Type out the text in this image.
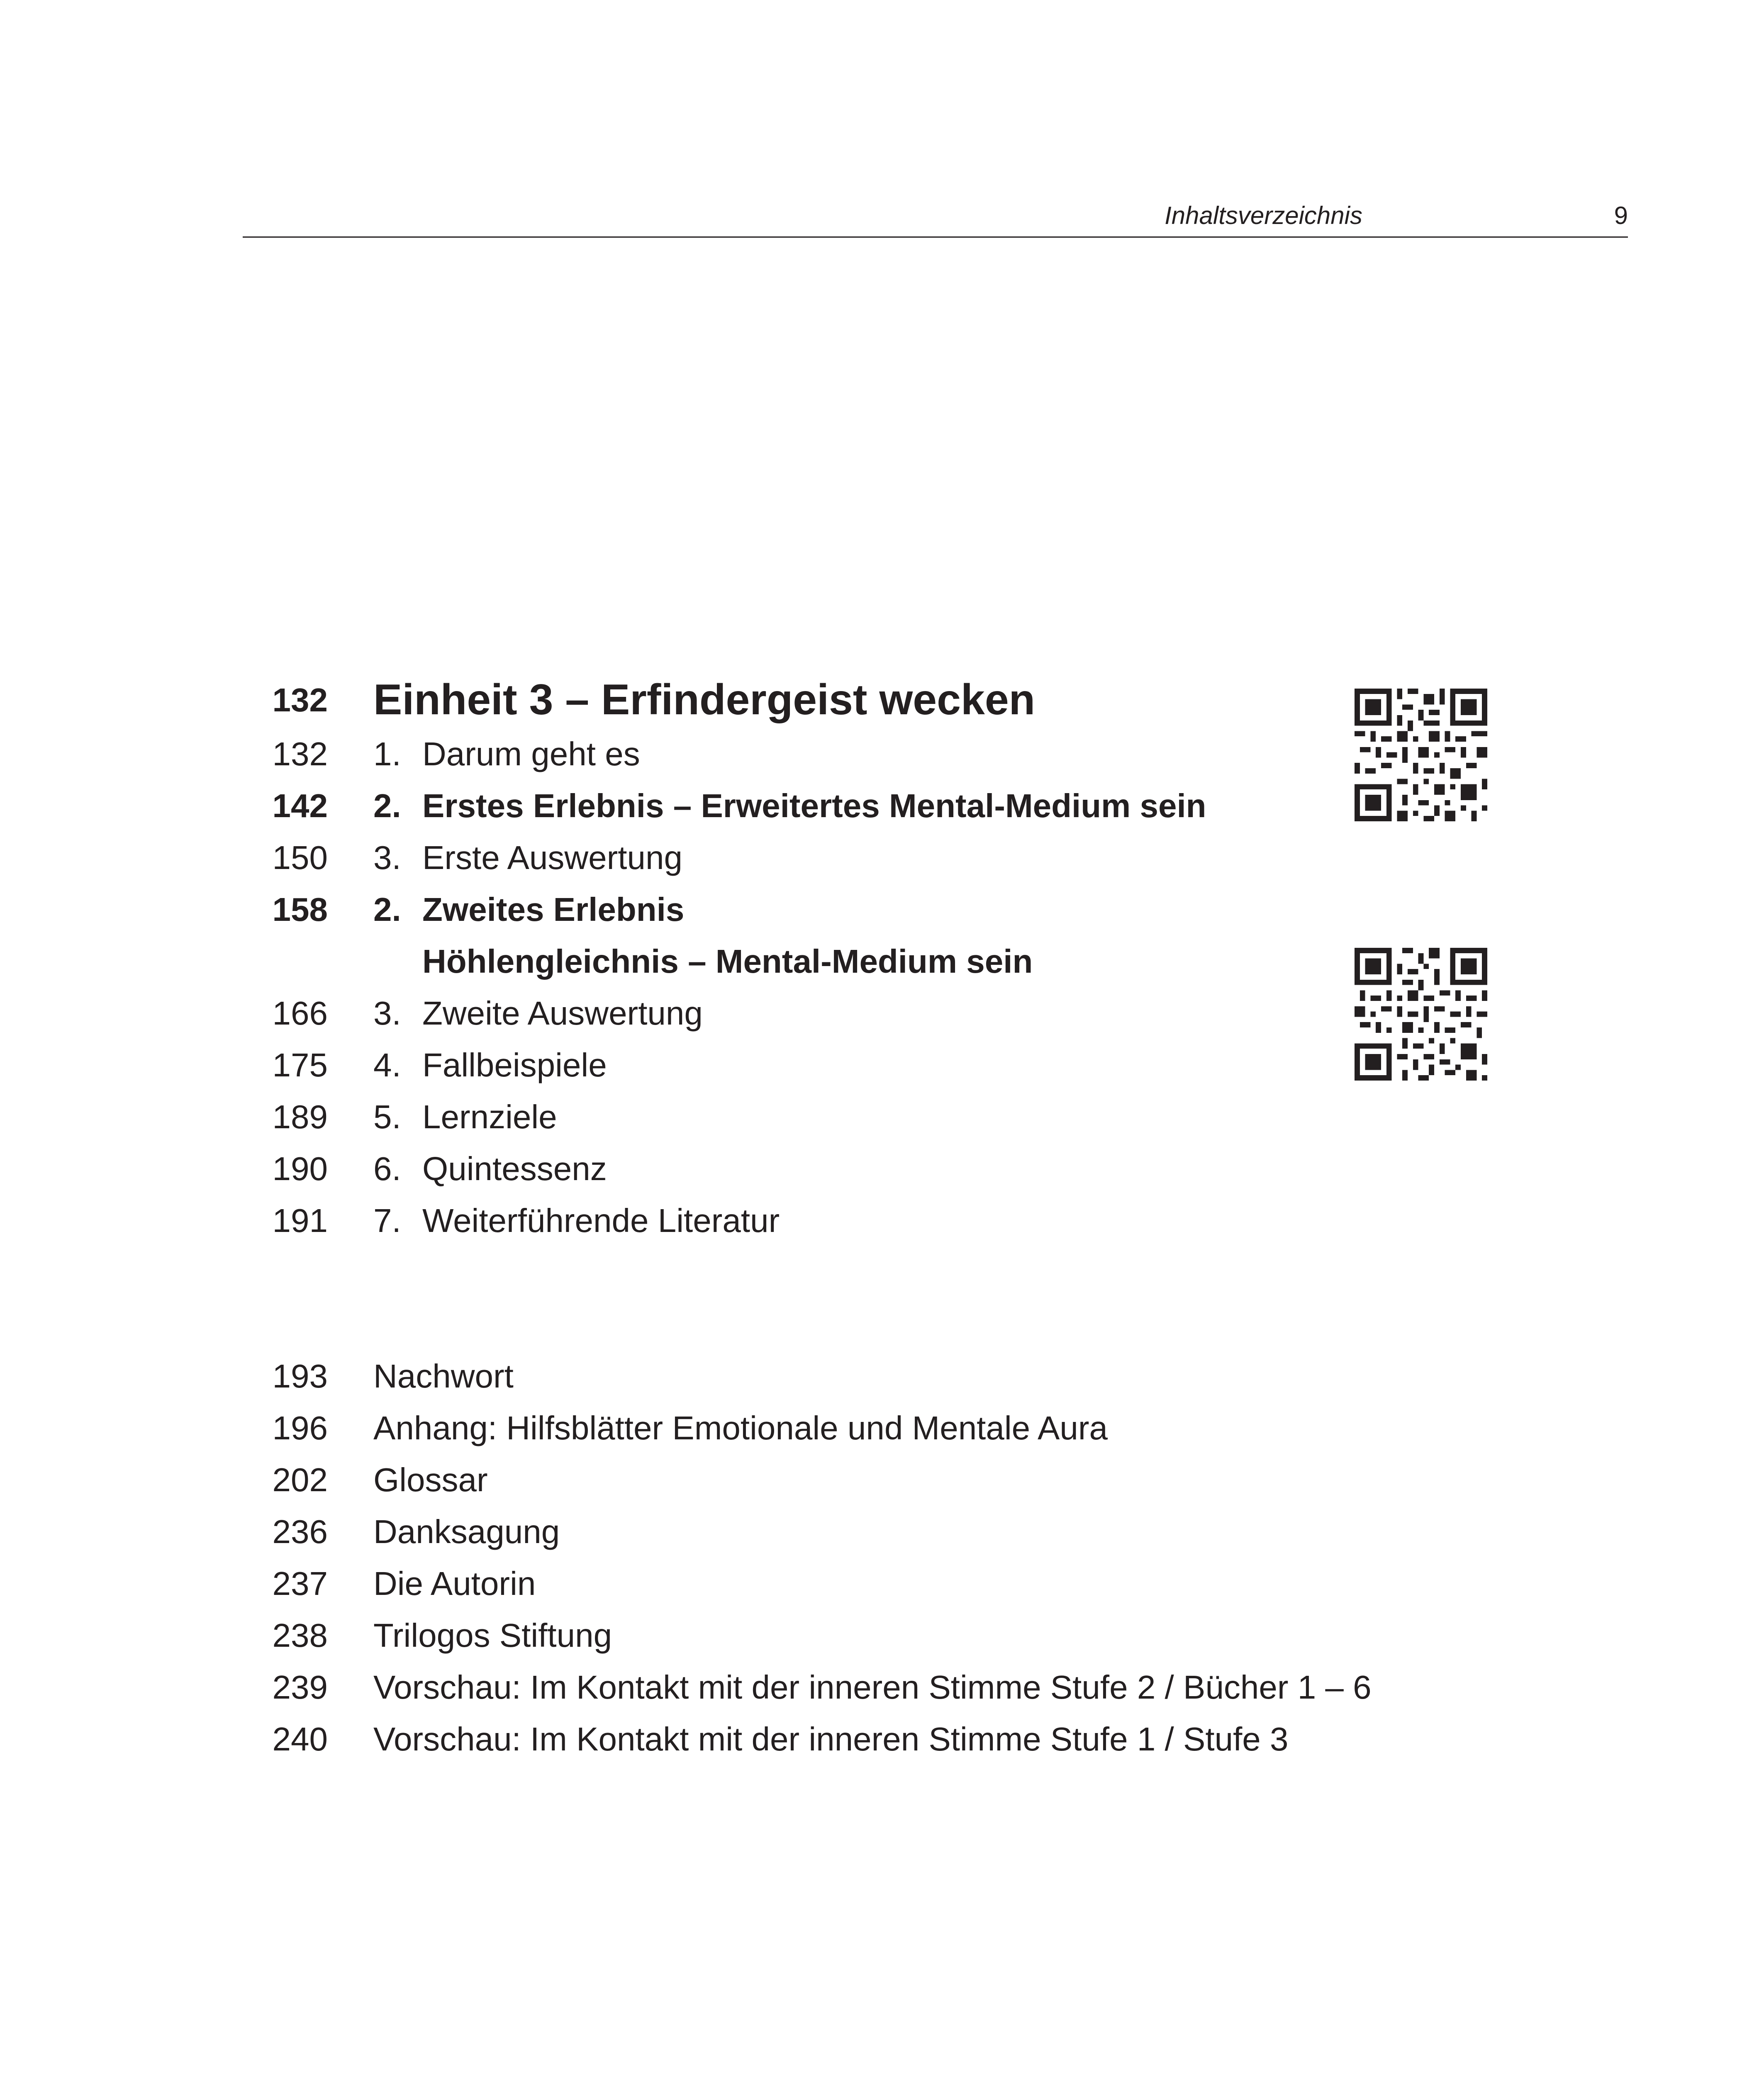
Inhaltsverzeichnis	9
132 Einheit 3 – Erfindergeist wecken
132 1. Darum geht es
142 2. Erstes Erlebnis – Erweitertes Mental-Medium sein
150 3. Erste Auswertung
158 2. Zweites Erlebnis
Höhlengleichnis – Mental-Medium sein
166 3. Zweite Auswertung
175 4. Fallbeispiele
189 5. Lernziele
190 6. Quintessenz
191 7. Weiterführende Literatur
193 Nachwort
196 Anhang: Hilfsblätter Emotionale und Mentale Aura
202 Glossar
236 Danksagung
237 Die Autorin
238 Trilogos Stiftung
239 Vorschau: Im Kontakt mit der inneren Stimme Stufe 2 / Bücher 1 – 6
240 Vorschau: Im Kontakt mit der inneren Stimme Stufe 1 / Stufe 3
